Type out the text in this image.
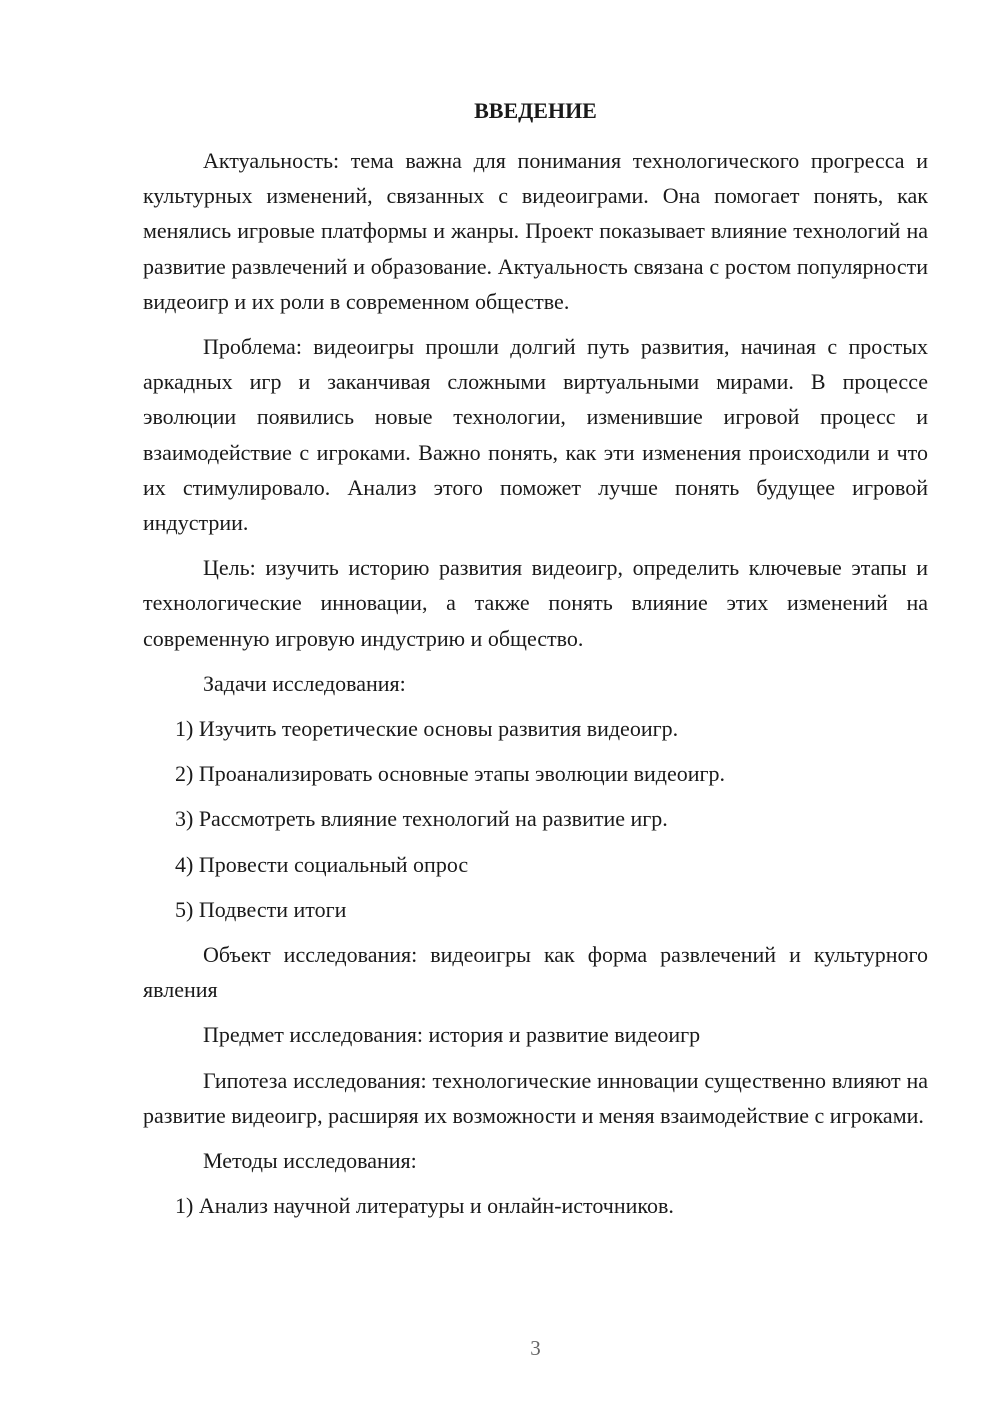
ВВЕДЕНИЕ

Актуальность: тема важна для понимания технологического прогресса и культурных изменений, связанных с видеоиграми. Она помогает понять, как менялись игровые платформы и жанры. Проект показывает влияние технологий на развитие развлечений и образование. Актуальность связана с ростом популярности видеоигр и их роли в современном обществе.

Проблема: видеоигры прошли долгий путь развития, начиная с простых аркадных игр и заканчивая сложными виртуальными мирами. В процессе эволюции появились новые технологии, изменившие игровой процесс и взаимодействие с игроками. Важно понять, как эти изменения происходили и что их стимулировало. Анализ этого поможет лучше понять будущее игровой индустрии.

Цель: изучить историю развития видеоигр, определить ключевые этапы и технологические инновации, а также понять влияние этих изменений на современную игровую индустрию и общество.

Задачи исследования:

1) Изучить теоретические основы развития видеоигр.

2) Проанализировать основные этапы эволюции видеоигр.

3) Рассмотреть влияние технологий на развитие игр.

4) Провести социальный опрос

5) Подвести итоги

Объект исследования: видеоигры как форма развлечений и культурного явления

Предмет исследования: история и развитие видеоигр

Гипотеза исследования: технологические инновации существенно влияют на развитие видеоигр, расширяя их возможности и меняя взаимодействие с игроками.

Методы исследования:

1) Анализ научной литературы и онлайн-источников.

3
